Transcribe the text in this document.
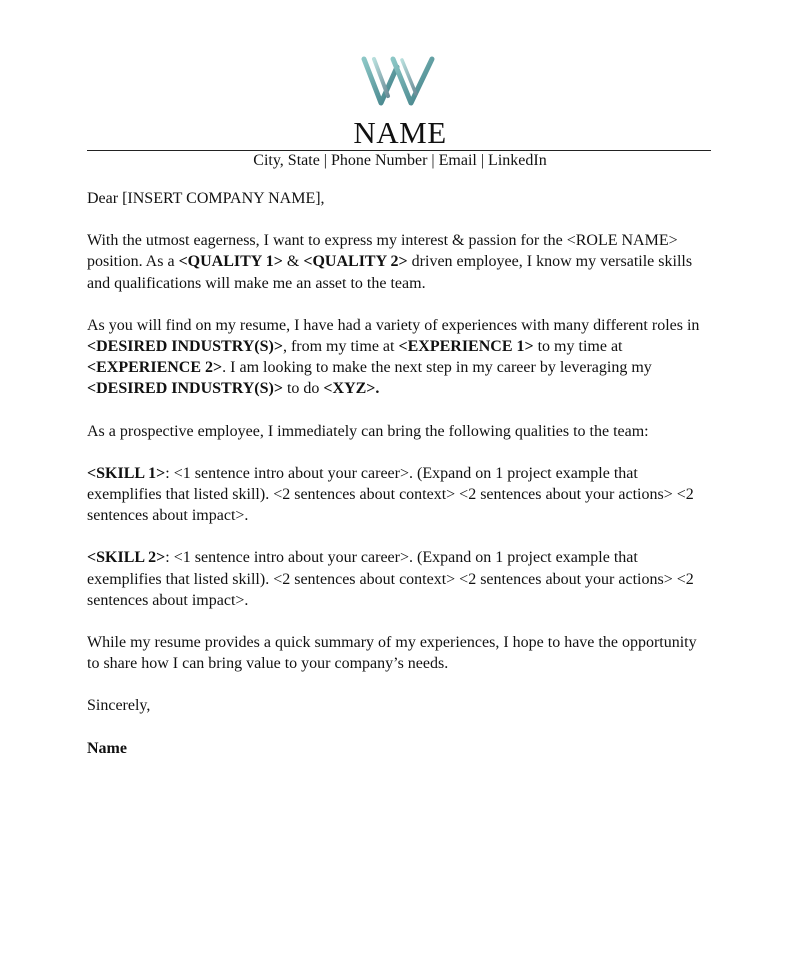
NAME
City, State | Phone Number | Email | LinkedIn

Dear [INSERT COMPANY NAME],

With the utmost eagerness, I want to express my interest & passion for the <ROLE NAME> position. As a <QUALITY 1> & <QUALITY 2> driven employee, I know my versatile skills and qualifications will make me an asset to the team.

As you will find on my resume, I have had a variety of experiences with many different roles in <DESIRED INDUSTRY(S)>, from my time at <EXPERIENCE 1> to my time at <EXPERIENCE 2>. I am looking to make the next step in my career by leveraging my <DESIRED INDUSTRY(S)> to do <XYZ>.

As a prospective employee, I immediately can bring the following qualities to the team:

<SKILL 1>: <1 sentence intro about your career>. (Expand on 1 project example that exemplifies that listed skill). <2 sentences about context> <2 sentences about your actions> <2 sentences about impact>.

<SKILL 2>: <1 sentence intro about your career>. (Expand on 1 project example that exemplifies that listed skill). <2 sentences about context> <2 sentences about your actions> <2 sentences about impact>.

While my resume provides a quick summary of my experiences, I hope to have the opportunity to share how I can bring value to your company’s needs.

Sincerely,

Name
